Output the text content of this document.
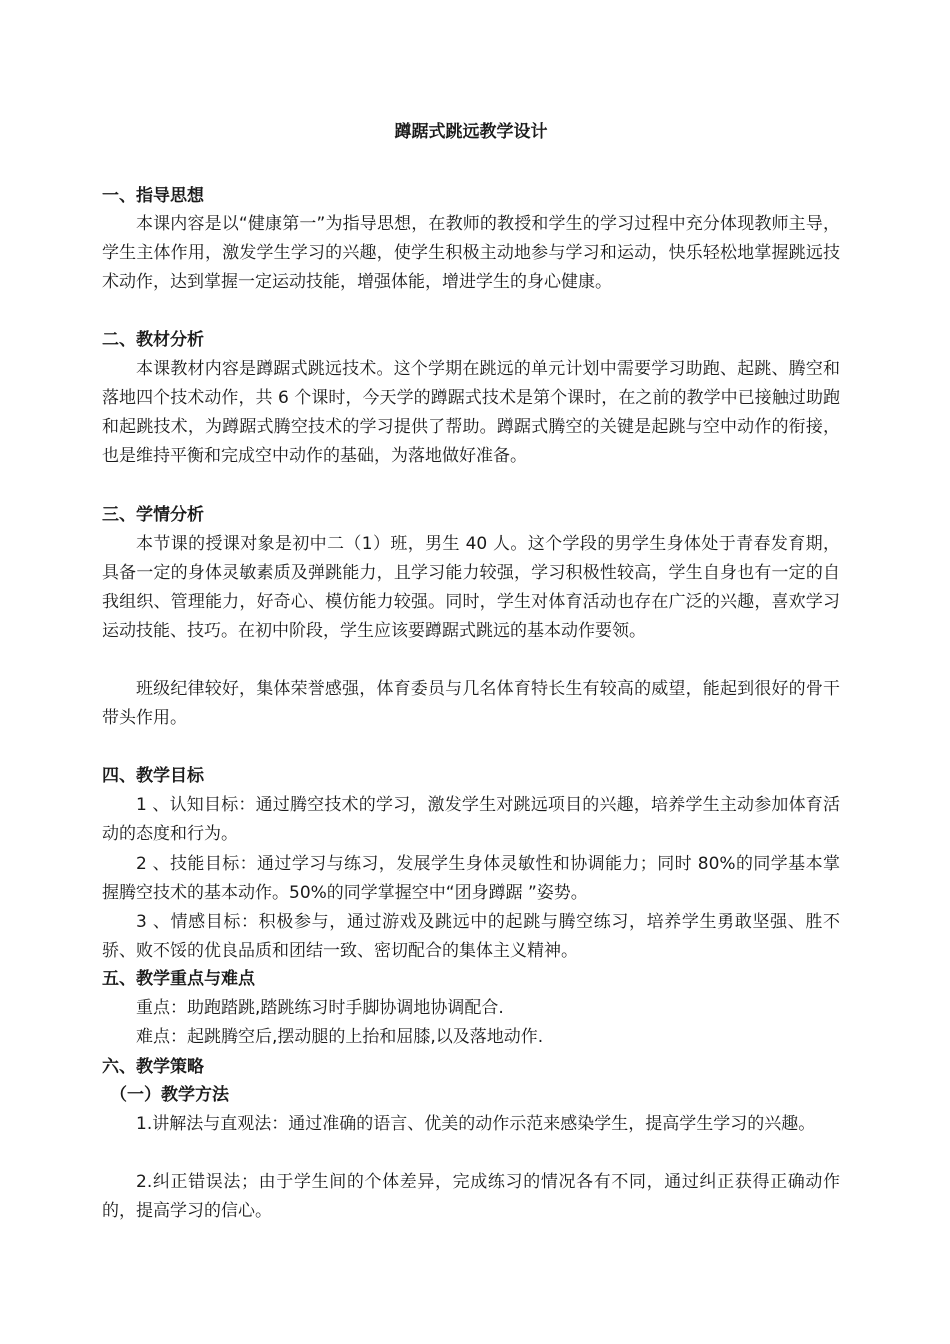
蹲踞式跳远教学设计
一、指导思想

本课内容是以“健康第一”为指导思想，在教师的教授和学生的学习过程中充分体现教师主导，学生主体作用，激发学生学习的兴趣，使学生积极主动地参与学习和运动，快乐轻松地掌握跳远技术动作，达到掌握一定运动技能，增强体能，增进学生的身心健康。

二、教材分析

本课教材内容是蹲踞式跳远技术。这个学期在跳远的单元计划中需要学习助跑、起跳、腾空和落地四个技术动作，共 6 个课时，今天学的蹲踞式技术是第个课时，在之前的教学中已接触过助跑和起跳技术，为蹲踞式腾空技术的学习提供了帮助。蹲踞式腾空的关键是起跳与空中动作的衔接，也是维持平衡和完成空中动作的基础，为落地做好准备。

三、学情分析

本节课的授课对象是初中二（1）班，男生 40 人。这个学段的男学生身体处于青春发育期，具备一定的身体灵敏素质及弹跳能力，且学习能力较强，学习积极性较高，学生自身也有一定的自我组织、管理能力，好奇心、模仿能力较强。同时，学生对体育活动也存在广泛的兴趣，喜欢学习运动技能、技巧。在初中阶段，学生应该要蹲踞式跳远的基本动作要领。

班级纪律较好，集体荣誉感强，体育委员与几名体育特长生有较高的威望，能起到很好的骨干带头作用。

四、教学目标

1 、认知目标：通过腾空技术的学习，激发学生对跳远项目的兴趣，培养学生主动参加体育活动的态度和行为。

2 、技能目标：通过学习与练习，发展学生身体灵敏性和协调能力；同时 80%的同学基本掌握腾空技术的基本动作。50%的同学掌握空中“团身蹲踞 ”姿势。

3 、情感目标：积极参与，通过游戏及跳远中的起跳与腾空练习，培养学生勇敢坚强、胜不骄、败不馁的优良品质和团结一致、密切配合的集体主义精神。

五、教学重点与难点

重点：助跑踏跳,踏跳练习时手脚协调地协调配合.

难点：起跳腾空后,摆动腿的上抬和屈膝,以及落地动作.

六、教学策略
（一）教学方法

1.讲解法与直观法：通过准确的语言、优美的动作示范来感染学生，提高学生学习的兴趣。

2.纠正错误法；由于学生间的个体差异，完成练习的情况各有不同，通过纠正获得正确动作的，提高学习的信心。
